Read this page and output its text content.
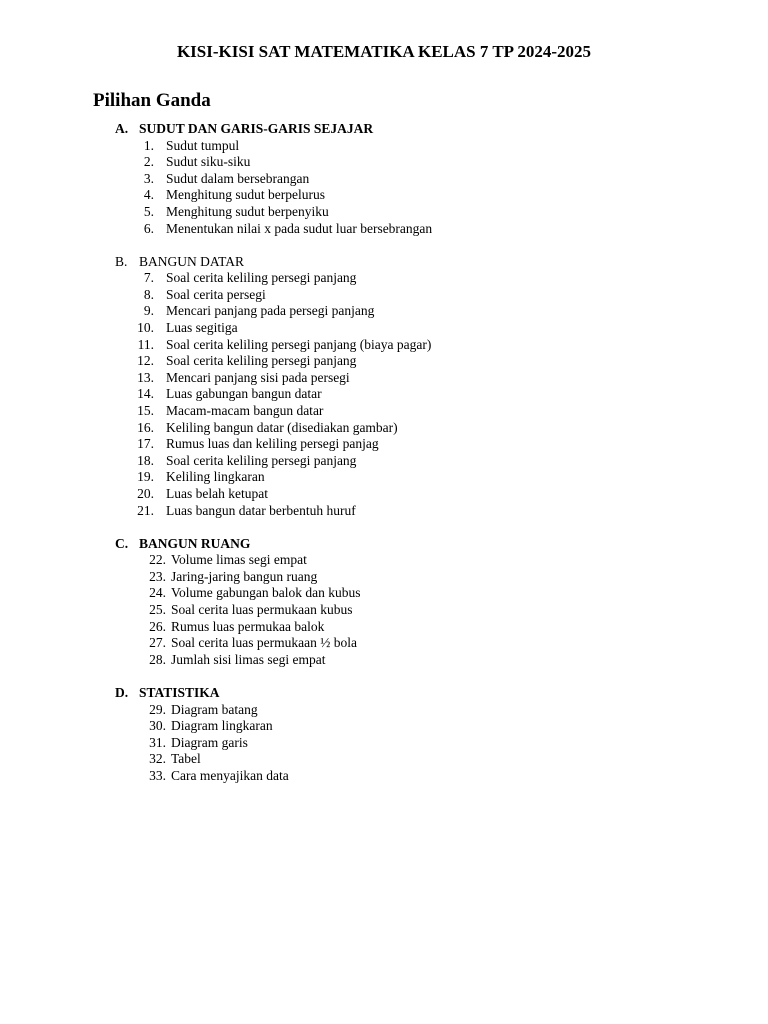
KISI-KISI SAT MATEMATIKA KELAS 7 TP 2024-2025
Pilihan Ganda
A. SUDUT DAN GARIS-GARIS SEJAJAR
1. Sudut tumpul
2. Sudut siku-siku
3. Sudut dalam bersebrangan
4. Menghitung sudut berpelurus
5. Menghitung sudut berpenyiku
6. Menentukan nilai x pada sudut luar bersebrangan
B. BANGUN DATAR
7. Soal cerita keliling persegi panjang
8. Soal cerita persegi
9. Mencari panjang pada persegi panjang
10. Luas segitiga
11. Soal cerita keliling persegi panjang (biaya pagar)
12. Soal cerita keliling persegi panjang
13. Mencari panjang sisi pada persegi
14. Luas gabungan bangun datar
15. Macam-macam bangun datar
16. Keliling bangun datar (disediakan gambar)
17. Rumus luas dan keliling persegi panjag
18. Soal cerita keliling persegi panjang
19. Keliling lingkaran
20. Luas belah ketupat
21. Luas bangun datar berbentuh huruf
C. BANGUN RUANG
22. Volume limas segi empat
23. Jaring-jaring bangun ruang
24. Volume gabungan balok dan kubus
25. Soal cerita luas permukaan kubus
26. Rumus luas permukaa balok
27. Soal cerita luas permukaan ½ bola
28. Jumlah sisi limas segi empat
D. STATISTIKA
29. Diagram batang
30. Diagram lingkaran
31. Diagram garis
32. Tabel
33. Cara menyajikan data
